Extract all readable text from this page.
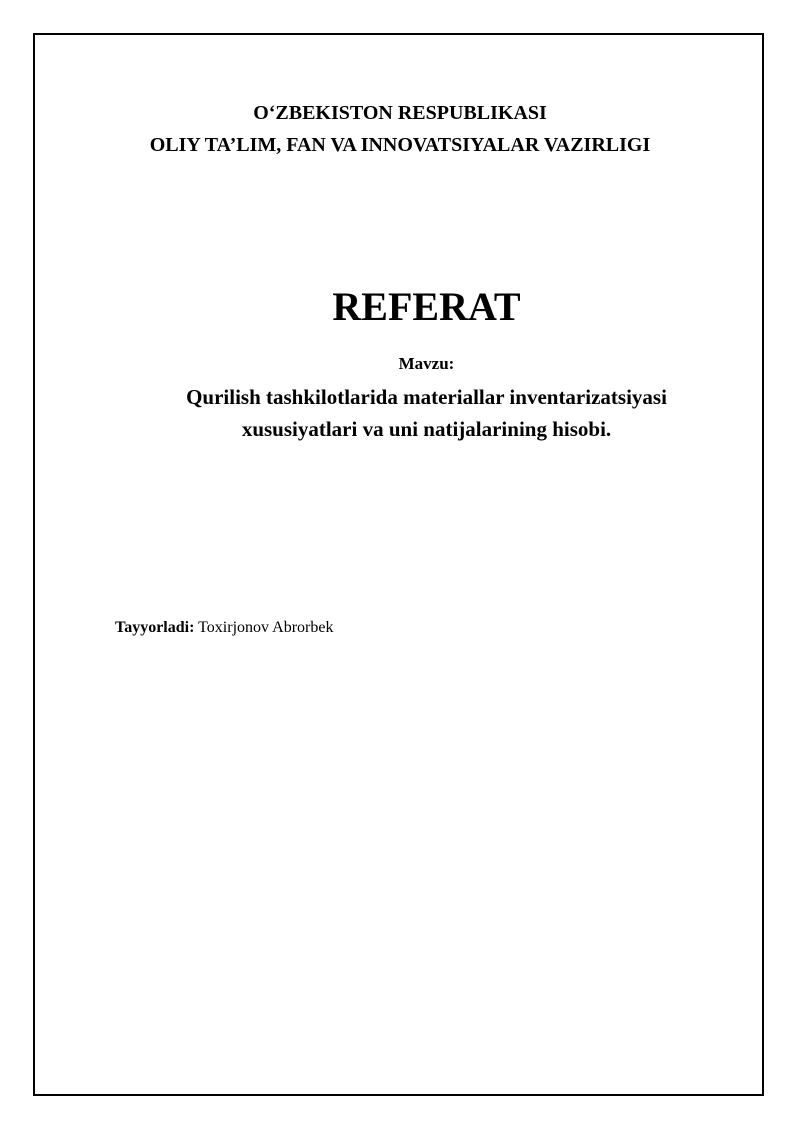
O‘ZBEKISTON RESPUBLIKASI
OLIY TA’LIM, FAN VA INNOVATSIYALAR VAZIRLIGI
REFERAT
Mavzu:
Qurilish tashkilotlarida materiallar inventarizatsiyasi
xususiyatlari va uni natijalarining hisobi.
Tayyorladi: Toxirjonov Abrorbek
